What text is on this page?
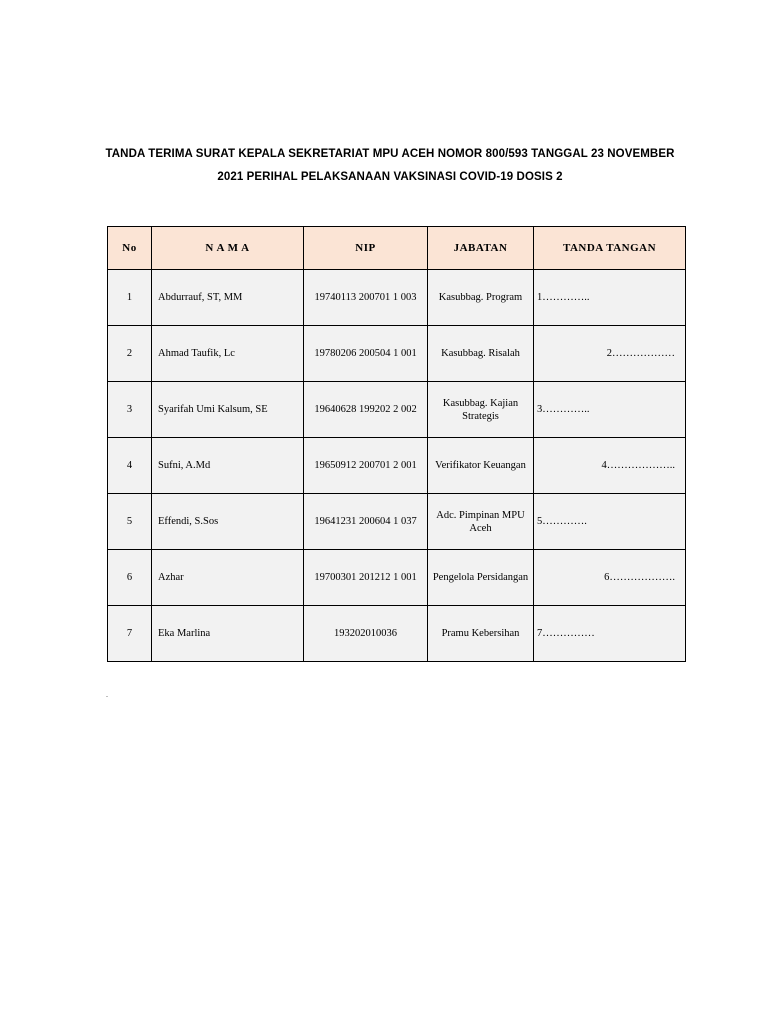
TANDA TERIMA SURAT KEPALA SEKRETARIAT MPU ACEH NOMOR 800/593 TANGGAL 23 NOVEMBER
2021 PERIHAL PELAKSANAAN VAKSINASI COVID-19 DOSIS 2
No	N A M A	NIP	JABATAN	TANDA TANGAN
1	Abdurrauf, ST, MM	19740113 200701 1 003	Kasubbag. Program	1…………..
2	Ahmad Taufik, Lc	19780206 200504 1 001	Kasubbag. Risalah	2………………
3	Syarifah Umi Kalsum, SE	19640628 199202 2 002	Kasubbag. Kajian Strategis	3…………..
4	Sufni, A.Md	19650912 200701 2 001	Verifikator Keuangan	4………………..
5	Effendi, S.Sos	19641231 200604 1 037	Adc. Pimpinan MPU Aceh	5………….
6	Azhar	19700301 201212 1 001	Pengelola Persidangan	6……………….
7	Eka Marlina	193202010036	Pramu Kebersihan	7……………
.
